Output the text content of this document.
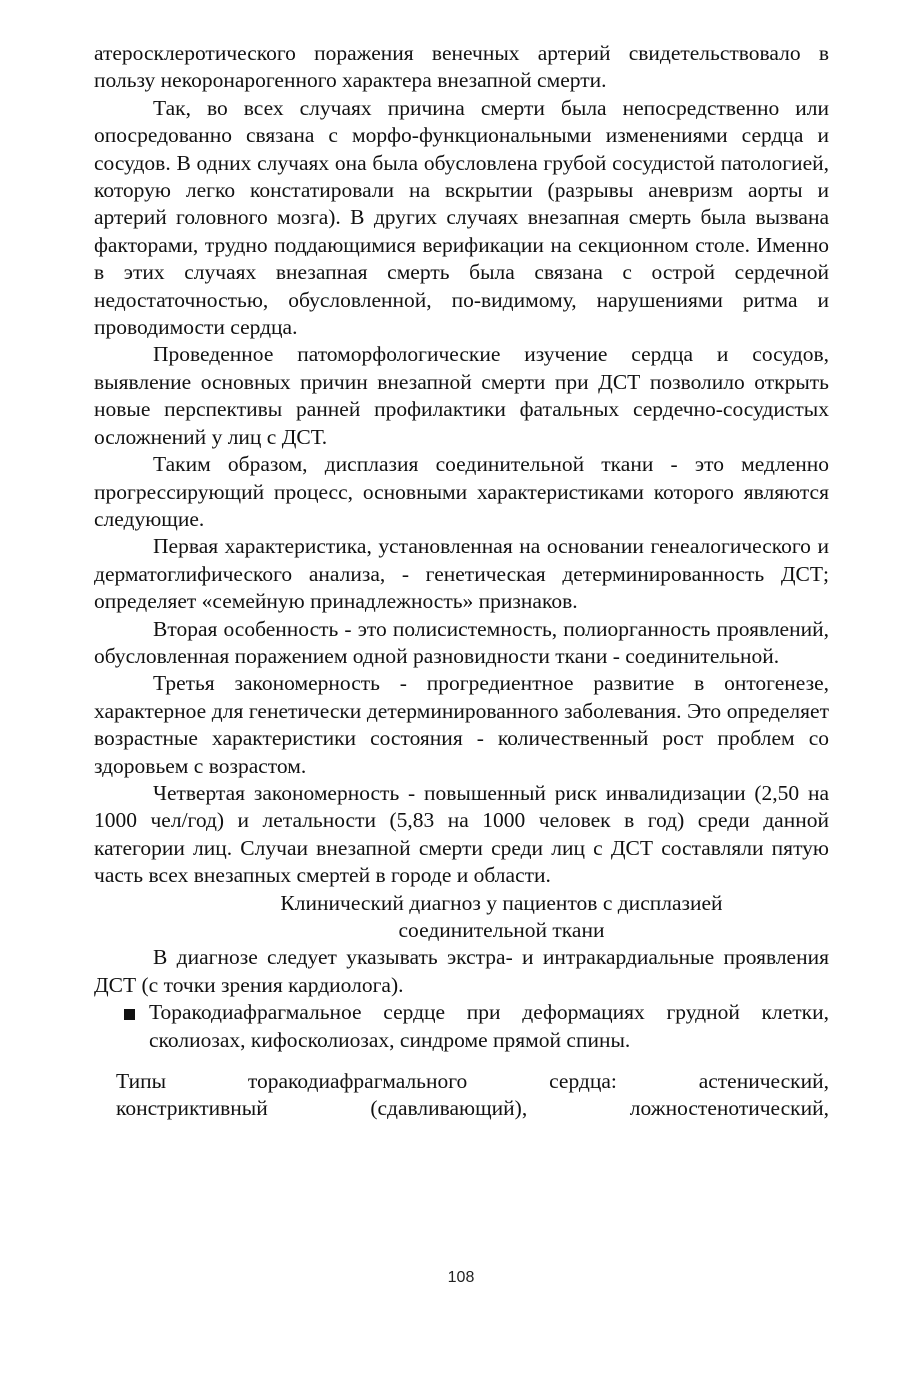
атеросклеротического поражения венечных артерий свидетельствовало в пользу некоронарогенного характера внезапной смерти.

Так, во всех случаях причина смерти была непосредственно или опосредованно связана с морфо-функциональными изменениями сердца и сосудов. В одних случаях она была обусловлена грубой сосудистой патологией, которую легко констатировали на вскрытии (разрывы аневризм аорты и артерий головного мозга). В других случаях внезапная смерть была вызвана факторами, трудно поддающимися верификации на секционном столе. Именно в этих случаях внезапная смерть была связана с острой сердечной недостаточностью, обусловленной, по-видимому, нарушениями ритма и проводимости сердца.

Проведенное патоморфологические изучение сердца и сосудов, выявление основных причин внезапной смерти при ДСТ позволило открыть новые перспективы ранней профилактики фатальных сердечно-сосудистых осложнений у лиц с ДСТ.

Таким образом, дисплазия соединительной ткани - это медленно прогрессирующий процесс, основными характеристиками которого являются следующие.

Первая характеристика, установленная на основании генеалогического и дерматоглифического анализа, - генетическая детерминированность ДСТ; определяет «семейную принадлежность» признаков.

Вторая особенность - это полисистемность, полиорганность проявлений, обусловленная поражением одной разновидности ткани - соединительной.

Третья закономерность - прогредиентное развитие в онтогенезе, характерное для генетически детерминированного заболевания. Это определяет возрастные характеристики состояния - количественный рост проблем со здоровьем с возрастом.

Четвертая закономерность - повышенный риск инвалидизации (2,50 на 1000 чел/год) и летальности (5,83 на 1000 человек в год) среди данной категории лиц. Случаи внезапной смерти среди лиц с ДСТ составляли пятую часть всех внезапных смертей в городе и области.

Клинический диагноз у пациентов с дисплазией

соединительной ткани

В диагнозе следует указывать экстра- и интракардиальные проявления ДСТ (с точки зрения кардиолога).

Торакодиафрагмальное сердце при деформациях грудной клетки, сколиозах, кифосколиозах, синдроме прямой спины.

Типы торакодиафрагмального сердца: астенический,

констриктивный (сдавливающий), ложностенотический,

108
